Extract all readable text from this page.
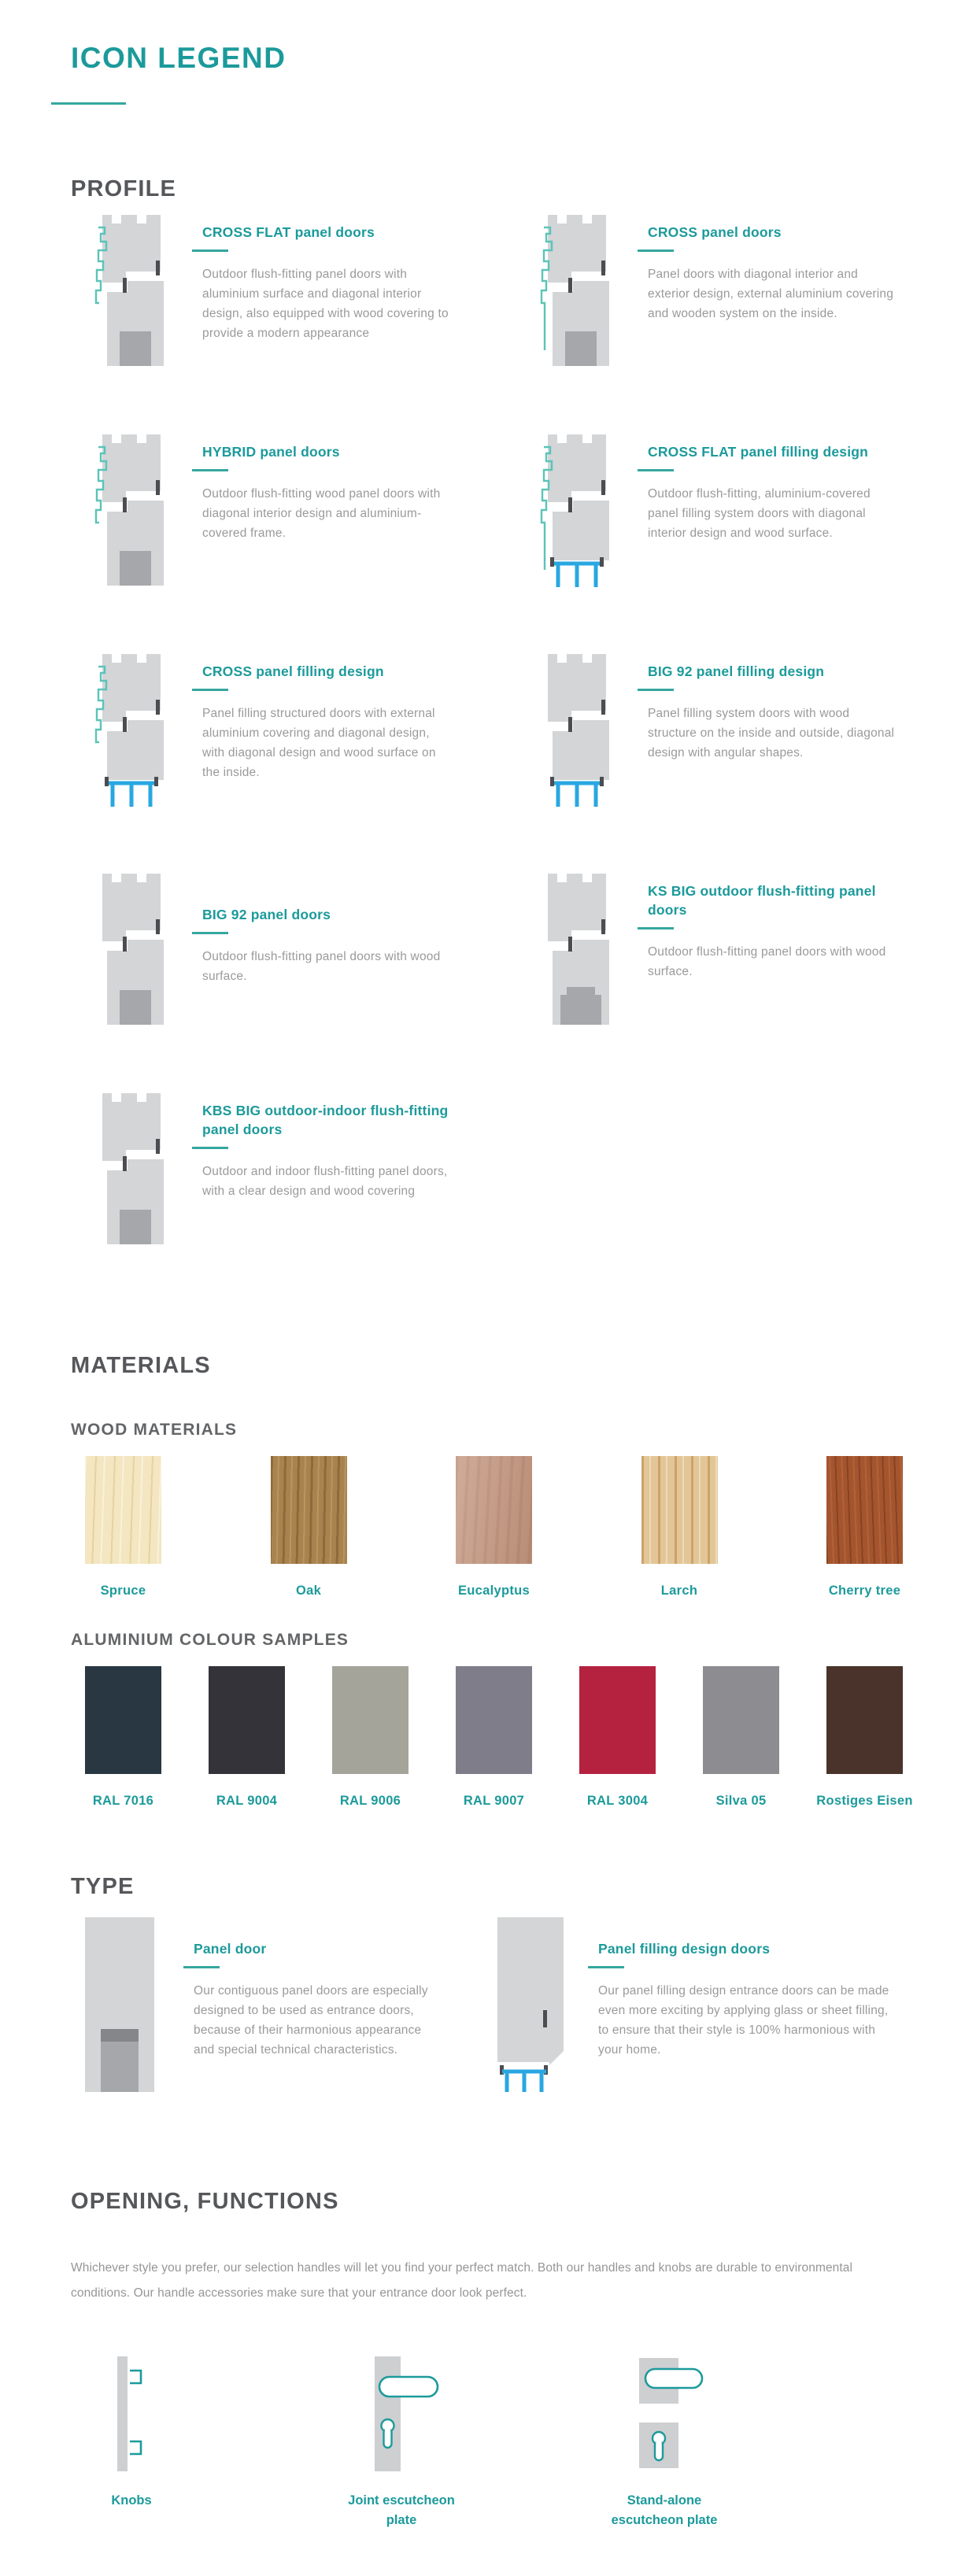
ICON LEGEND
PROFILE
CROSS FLAT panel doors

Outdoor flush-fitting panel doors with aluminium surface and diagonal interior design, also equipped with wood covering to provide a modern appearance

CROSS panel doors

Panel doors with diagonal interior and exterior design, external aluminium covering and wooden system on the inside.

HYBRID panel doors

Outdoor flush-fitting wood panel doors with diagonal interior design and aluminium-covered frame.

CROSS FLAT panel filling design

Outdoor flush-fitting, aluminium-covered panel filling system doors with diagonal interior design and wood surface.

CROSS panel filling design

Panel filling structured doors with external aluminium covering and diagonal design, with diagonal design and wood surface on the inside.

BIG 92 panel filling design

Panel filling system doors with wood structure on the inside and outside, diagonal design with angular shapes.

BIG 92 panel doors

Outdoor flush-fitting panel doors with wood surface.

KS BIG outdoor flush-fitting panel doors

Outdoor flush-fitting panel doors with wood surface.

KBS BIG outdoor-indoor flush-fitting panel doors

Outdoor and indoor flush-fitting panel doors, with a clear design and wood covering

MATERIALS
WOOD MATERIALS
Spruce	Oak	Eucalyptus	Larch	Cherry tree
ALUMINIUM COLOUR SAMPLES
RAL 7016	RAL 9004	RAL 9006	RAL 9007	RAL 3004	Silva 05	Rostiges Eisen
TYPE
Panel door

Our contiguous panel doors are especially designed to be used as entrance doors, because of their harmonious appearance and special technical characteristics.

Panel filling design doors

Our panel filling design entrance doors can be made even more exciting by applying glass or sheet filling, to ensure that their style is 100% harmonious with your home.

OPENING, FUNCTIONS

Whichever style you prefer, our selection handles will let you find your perfect match. Both our handles and knobs are durable to environmental conditions. Our handle accessories make sure that your entrance door look perfect.

Knobs	Joint escutcheon plate
Stand-alone escutcheon plate
